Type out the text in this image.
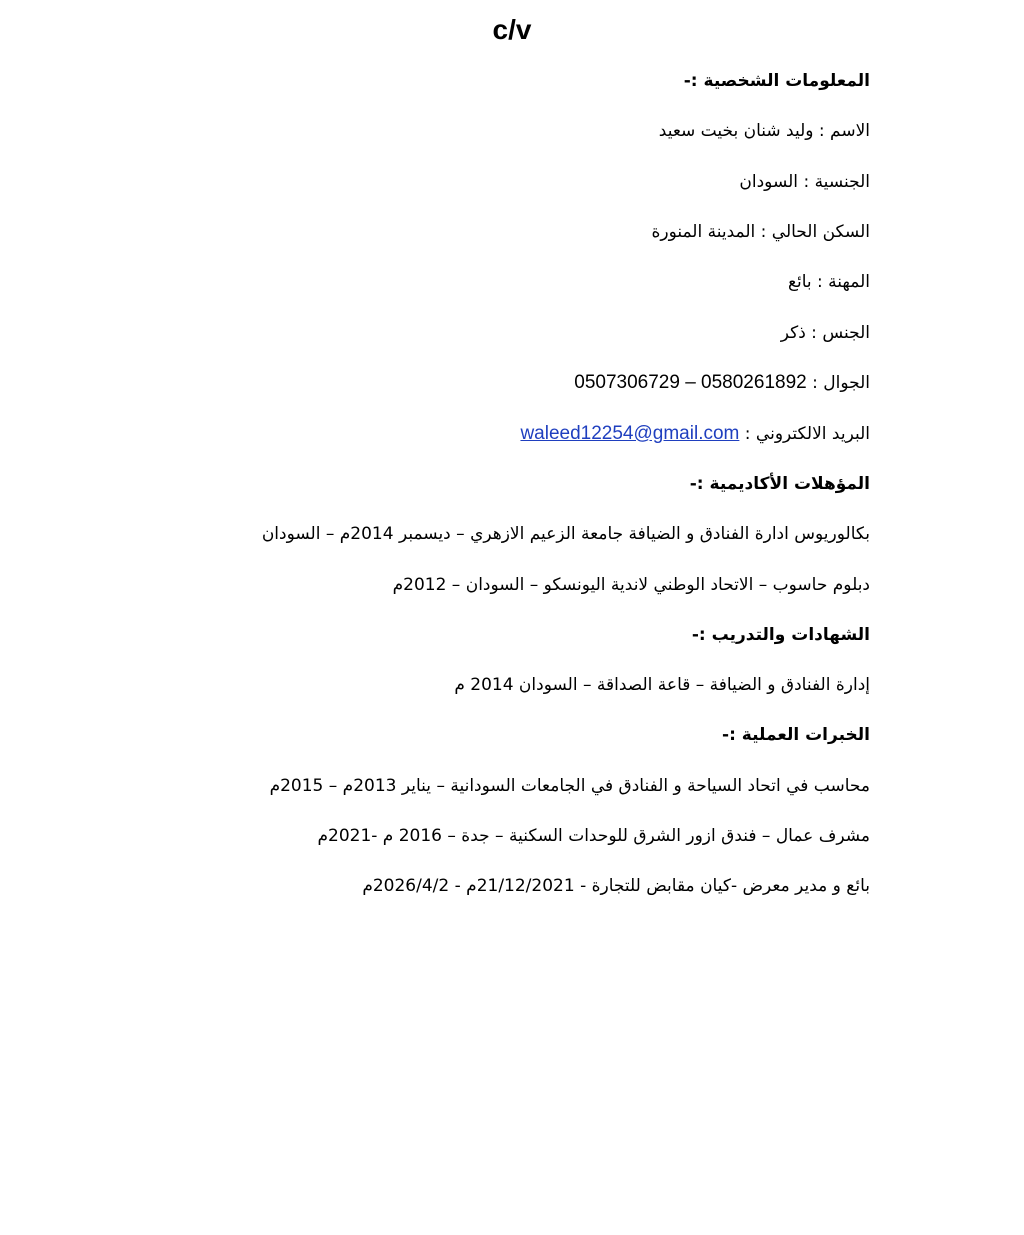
c/v
المعلومات الشخصية :-
الاسم : وليد شنان بخيت سعيد
الجنسية : السودان
السكن الحالي : المدينة المنورة
المهنة : بائع
الجنس : ذكر
الجوال : 0507306729 – 0580261892
البريد الالكتروني : waleed12254@gmail.com
المؤهلات الأكاديمية :-
بكالوريوس ادارة الفنادق و الضيافة جامعة الزعيم الازهري – ديسمبر 2014م – السودان
دبلوم حاسوب – الاتحاد الوطني لاندية اليونسكو – السودان – 2012م
الشهادات والتدريب :-
إدارة الفنادق و الضيافة – قاعة الصداقة – السودان 2014 م
الخبرات العملية :-
محاسب في اتحاد السياحة و الفنادق في الجامعات السودانية – يناير 2013م – 2015م
مشرف عمال – فندق ازور الشرق للوحدات السكنية – جدة – 2016 م -2021م
بائع و مدير معرض -كيان مقابض للتجارة - 21/12/2021م - 2026/4/2م
